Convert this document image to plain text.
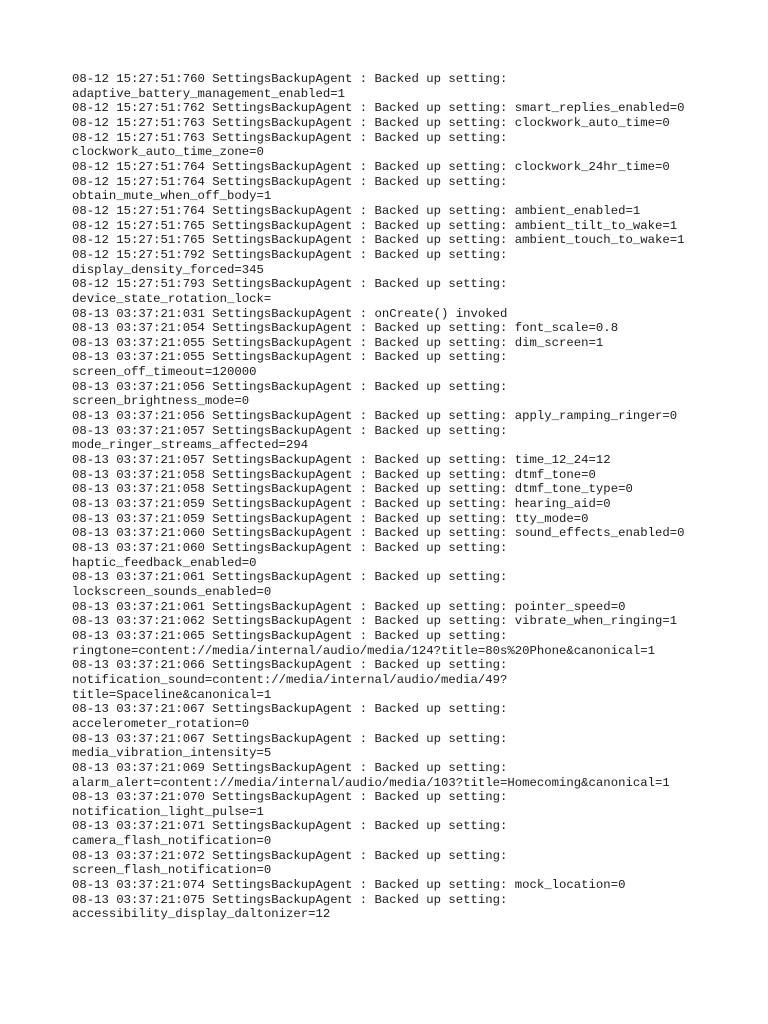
08-12 15:27:51:760 SettingsBackupAgent : Backed up setting:
adaptive_battery_management_enabled=1
08-12 15:27:51:762 SettingsBackupAgent : Backed up setting: smart_replies_enabled=0
08-12 15:27:51:763 SettingsBackupAgent : Backed up setting: clockwork_auto_time=0
08-12 15:27:51:763 SettingsBackupAgent : Backed up setting:
clockwork_auto_time_zone=0
08-12 15:27:51:764 SettingsBackupAgent : Backed up setting: clockwork_24hr_time=0
08-12 15:27:51:764 SettingsBackupAgent : Backed up setting:
obtain_mute_when_off_body=1
08-12 15:27:51:764 SettingsBackupAgent : Backed up setting: ambient_enabled=1
08-12 15:27:51:765 SettingsBackupAgent : Backed up setting: ambient_tilt_to_wake=1
08-12 15:27:51:765 SettingsBackupAgent : Backed up setting: ambient_touch_to_wake=1
08-12 15:27:51:792 SettingsBackupAgent : Backed up setting:
display_density_forced=345
08-12 15:27:51:793 SettingsBackupAgent : Backed up setting:
device_state_rotation_lock=
08-13 03:37:21:031 SettingsBackupAgent : onCreate() invoked
08-13 03:37:21:054 SettingsBackupAgent : Backed up setting: font_scale=0.8
08-13 03:37:21:055 SettingsBackupAgent : Backed up setting: dim_screen=1
08-13 03:37:21:055 SettingsBackupAgent : Backed up setting:
screen_off_timeout=120000
08-13 03:37:21:056 SettingsBackupAgent : Backed up setting:
screen_brightness_mode=0
08-13 03:37:21:056 SettingsBackupAgent : Backed up setting: apply_ramping_ringer=0
08-13 03:37:21:057 SettingsBackupAgent : Backed up setting:
mode_ringer_streams_affected=294
08-13 03:37:21:057 SettingsBackupAgent : Backed up setting: time_12_24=12
08-13 03:37:21:058 SettingsBackupAgent : Backed up setting: dtmf_tone=0
08-13 03:37:21:058 SettingsBackupAgent : Backed up setting: dtmf_tone_type=0
08-13 03:37:21:059 SettingsBackupAgent : Backed up setting: hearing_aid=0
08-13 03:37:21:059 SettingsBackupAgent : Backed up setting: tty_mode=0
08-13 03:37:21:060 SettingsBackupAgent : Backed up setting: sound_effects_enabled=0
08-13 03:37:21:060 SettingsBackupAgent : Backed up setting:
haptic_feedback_enabled=0
08-13 03:37:21:061 SettingsBackupAgent : Backed up setting:
lockscreen_sounds_enabled=0
08-13 03:37:21:061 SettingsBackupAgent : Backed up setting: pointer_speed=0
08-13 03:37:21:062 SettingsBackupAgent : Backed up setting: vibrate_when_ringing=1
08-13 03:37:21:065 SettingsBackupAgent : Backed up setting:
ringtone=content://media/internal/audio/media/124?title=80s%20Phone&canonical=1
08-13 03:37:21:066 SettingsBackupAgent : Backed up setting:
notification_sound=content://media/internal/audio/media/49?
title=Spaceline&canonical=1
08-13 03:37:21:067 SettingsBackupAgent : Backed up setting:
accelerometer_rotation=0
08-13 03:37:21:067 SettingsBackupAgent : Backed up setting:
media_vibration_intensity=5
08-13 03:37:21:069 SettingsBackupAgent : Backed up setting:
alarm_alert=content://media/internal/audio/media/103?title=Homecoming&canonical=1
08-13 03:37:21:070 SettingsBackupAgent : Backed up setting:
notification_light_pulse=1
08-13 03:37:21:071 SettingsBackupAgent : Backed up setting:
camera_flash_notification=0
08-13 03:37:21:072 SettingsBackupAgent : Backed up setting:
screen_flash_notification=0
08-13 03:37:21:074 SettingsBackupAgent : Backed up setting: mock_location=0
08-13 03:37:21:075 SettingsBackupAgent : Backed up setting:
accessibility_display_daltonizer=12
